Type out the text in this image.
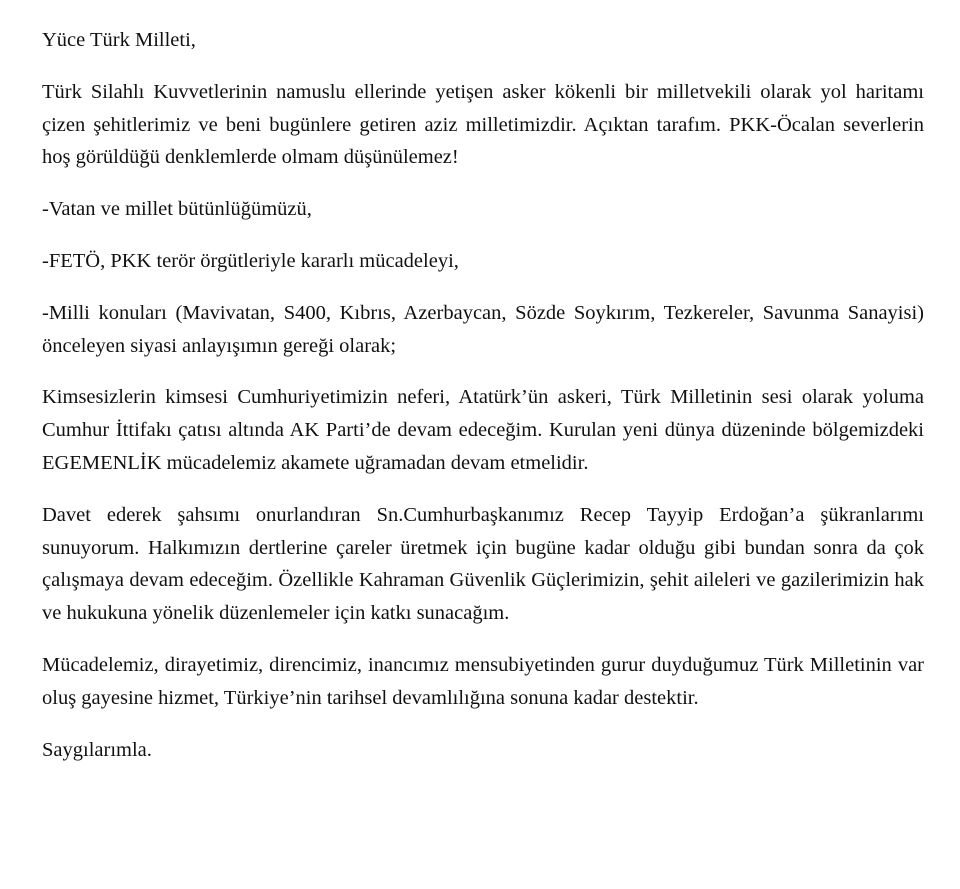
Yüce Türk Milleti,

Türk Silahlı Kuvvetlerinin namuslu ellerinde yetişen asker kökenli bir milletvekili olarak yol haritamı çizen şehitlerimiz ve beni bugünlere getiren aziz milletimizdir. Açıktan tarafım. PKK-Öcalan severlerin hoş görüldüğü denklemlerde olmam düşünülemez!

-Vatan ve millet bütünlüğümüzü,

-FETÖ, PKK terör örgütleriyle kararlı mücadeleyi,

-Milli konuları (Mavivatan, S400, Kıbrıs, Azerbaycan, Sözde Soykırım, Tezkereler, Savunma Sanayisi) önceleyen siyasi anlayışımın gereği olarak;

Kimsesizlerin kimsesi Cumhuriyetimizin neferi, Atatürk’ün askeri, Türk Milletinin sesi olarak yoluma Cumhur İttifakı çatısı altında AK Parti’de devam edeceğim. Kurulan yeni dünya düzeninde bölgemizdeki EGEMENLİK mücadelemiz akamete uğramadan devam etmelidir.

Davet ederek şahsımı onurlandıran Sn.Cumhurbaşkanımız Recep Tayyip Erdoğan’a şükranlarımı sunuyorum. Halkımızın dertlerine çareler üretmek için bugüne kadar olduğu gibi bundan sonra da çok çalışmaya devam edeceğim. Özellikle Kahraman Güvenlik Güçlerimizin, şehit aileleri ve gazilerimizin hak ve hukukuna yönelik düzenlemeler için katkı sunacağım.

Mücadelemiz, dirayetimiz, direncimiz, inancımız mensubiyetinden gurur duyduğumuz Türk Milletinin var oluş gayesine hizmet, Türkiye’nin tarihsel devamlılığına sonuna kadar destektir.

Saygılarımla.
